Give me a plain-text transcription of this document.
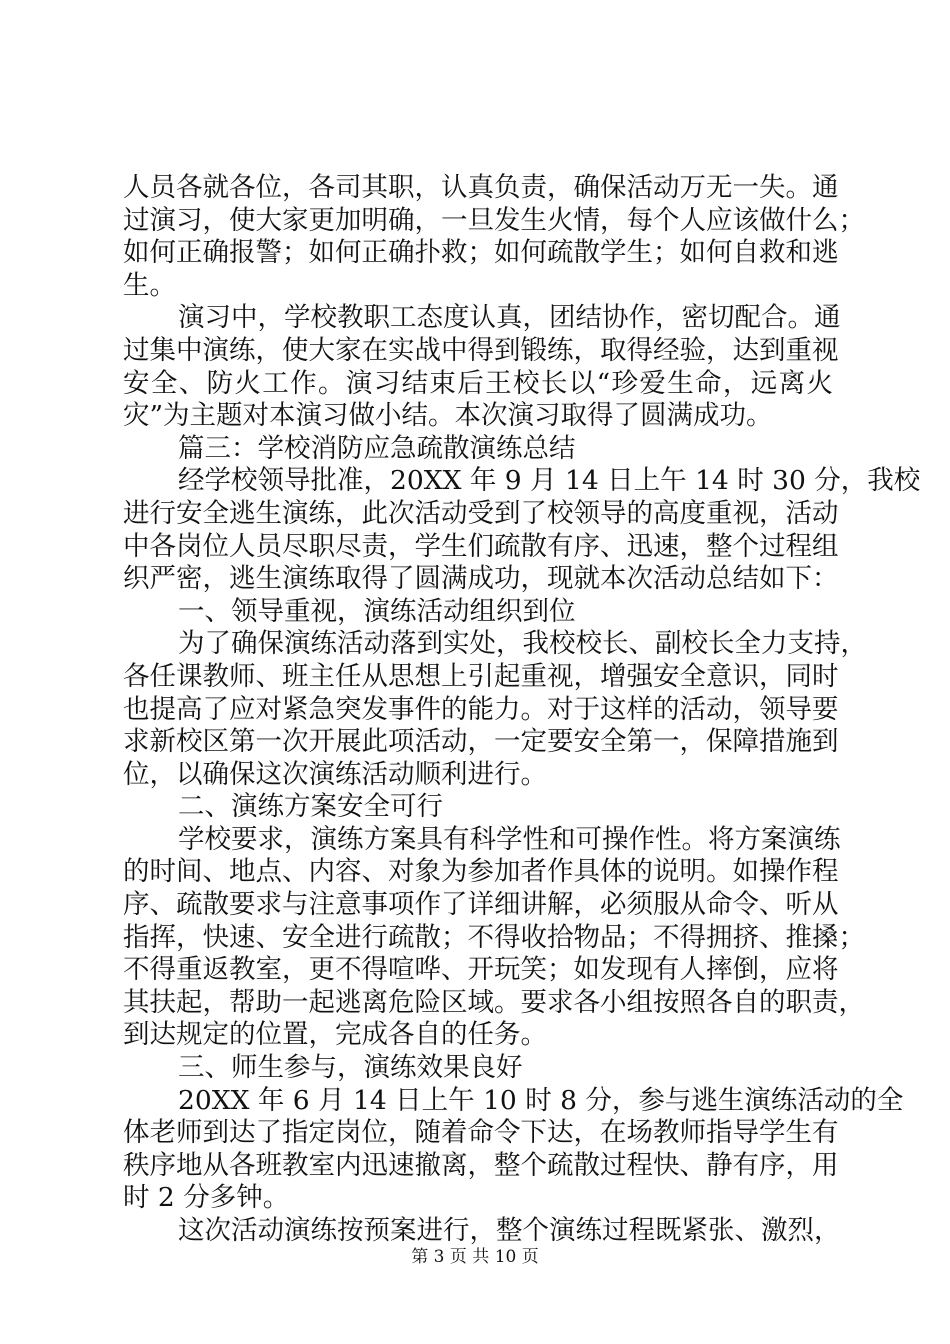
人员各就各位，各司其职，认真负责，确保活动万无一失。通
过演习，使大家更加明确，一旦发生火情，每个人应该做什么；
如何正确报警；如何正确扑救；如何疏散学生；如何自救和逃
生。
演习中，学校教职工态度认真，团结协作，密切配合。通
过集中演练，使大家在实战中得到锻练，取得经验，达到重视
安全、防火工作。演习结束后王校长以“珍爱生命，远离火
灾”为主题对本演习做小结。本次演习取得了圆满成功。
篇三：学校消防应急疏散演练总结
经学校领导批准，20XX 年 9 月 14 日上午 14 时 30 分，我校
进行安全逃生演练，此次活动受到了校领导的高度重视，活动
中各岗位人员尽职尽责，学生们疏散有序、迅速，整个过程组
织严密，逃生演练取得了圆满成功，现就本次活动总结如下：
一、领导重视，演练活动组织到位
为了确保演练活动落到实处，我校校长、副校长全力支持，
各任课教师、班主任从思想上引起重视，增强安全意识，同时
也提高了应对紧急突发事件的能力。对于这样的活动，领导要
求新校区第一次开展此项活动，一定要安全第一，保障措施到
位，以确保这次演练活动顺利进行。
二、演练方案安全可行
学校要求，演练方案具有科学性和可操作性。将方案演练
的时间、地点、内容、对象为参加者作具体的说明。如操作程
序、疏散要求与注意事项作了详细讲解，必须服从命令、听从
指挥，快速、安全进行疏散；不得收拾物品；不得拥挤、推搡；
不得重返教室，更不得喧哗、开玩笑；如发现有人摔倒，应将
其扶起，帮助一起逃离危险区域。要求各小组按照各自的职责，
到达规定的位置，完成各自的任务。
三、师生参与，演练效果良好
20XX 年 6 月 14 日上午 10 时 8 分，参与逃生演练活动的全
体老师到达了指定岗位，随着命令下达，在场教师指导学生有
秩序地从各班教室内迅速撤离，整个疏散过程快、静有序，用
时 2 分多钟。
这次活动演练按预案进行，整个演练过程既紧张、激烈，
第 3 页 共 10 页
